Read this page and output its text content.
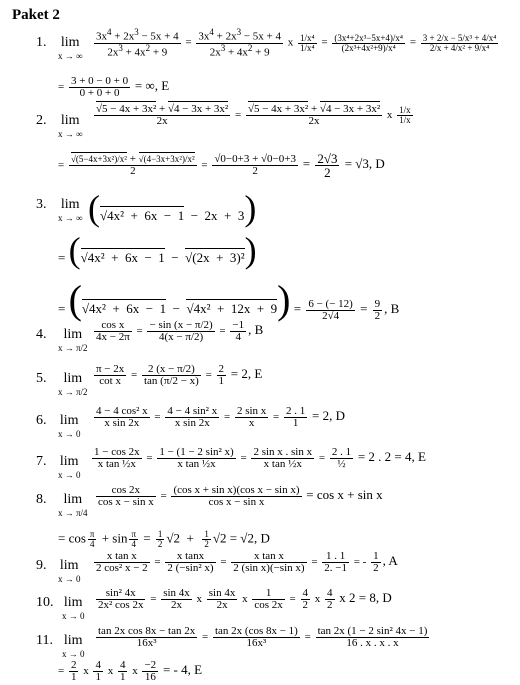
Paket 2
1. lim
x → ∞ $\frac{3x^4 + 2x^3 - 5x + 4}{2x^3 + 4x^2 + 9} = \frac{3x^4 + 2x^3 - 5x + 4}{2x^3 + 4x^2 + 9}$ x $\frac{\text{1/x⁴}}{\text{1/x⁴}} = \frac{\text{(3x⁴+2x³−5x+4)/x⁴}}{\text{(2x³+4x²+9)/x⁴}} = \frac{\text{3 + 2/x − 5/x³ + 4/x⁴}}{\text{2/x + 4/x² + 9/x⁴}}$
= $\frac{3 + 0 - 0 + 0}{0 + 0 + 0}$ = ∞, E
2. lim
x → ∞
$\frac{\text{√5 − 4x + 3x² + √4 − 3x + 3x²}}{2x} = \frac{\text{√5 − 4x + 3x² + √4 − 3x + 3x²}}{2x}$ x $\frac{1/x}{1/x}$
= $\frac{\text{√(5−4x+3x²)/x² + √(4−3x+3x²)/x²}}{2} = \frac{√0-0+3 + √0-0+3}{2} = \frac{2√3}{2} = √3$, D
3. lim
x → ∞ (√4x²  +  6x  −  1  −  2x  +  3)
= (√4x²  +  6x  −  1  −  √(2x  +  3)²)
= $(√4x^2 + 6x - 1 - √4x^2 + 12x + 9) = \frac{6 - (- 12)}{2√4} = \frac{9}{2}$ , B
4.	lim
x → π/2
$\frac{\text{cos x}}{4x - 2\pi} = \frac{- \sin (x - \pi/2)}{4(x - \pi/2)} = \frac{-1}{4}$ , B
5.	lim
x → π/2
$\frac{\pi - 2x}{\text{cot x}} = \frac{2 (x - \pi/2)}{\tan (\pi/2 - x)} = \frac{2}{1} = 2$, E
6. lim
x → 0
$\frac{\text{4 − 4 cos² x}}{\text{x sin 2x}} = \frac{\text{4 − 4 sin² x}}{\text{x sin 2x}} = \frac{\text{2 sin x}}{x} = \frac{2 . 1}{1} = 2$, D
7. lim
x → 0
$\frac{1 - \cos 2x}{\text{x tan ½x}} = \frac{\text{1 − (1 − 2 sin² x)}}{\text{x tan ½x}} = \frac{\text{2 sin x . sin x}}{\text{x tan ½x}} = \frac{2 . 1}{\text{½}} = 2$ . 2 = 4, E
8.	lim
x → π/4
$\frac{\cos 2x}{\text{cos x − sin x}} = \frac{\text{(cos x + sin x)(cos x − sin x)}}{\text{cos x − sin x}} = \cos x + \sin x$
= $\cos \frac{\pi}{4} + \sin \frac{\pi}{4} = \frac{1}{2} √2 + \frac{1}{2} √2 = √2$, D
9. lim
x → 0
$\frac{\text{x tan x}}{\text{2 cos² x − 2}} = \frac{\text{x tanx}}{\text{2 (−sin² x)}} = \frac{\text{x tan x}}{\text{2 (sin x)(−sin x)}} = \frac{1 . 1}{2. -1}$ = - $\frac{1}{2}$ , A
10. lim
x → 0
$\frac{\text{sin² 4x}}{\text{2x² cos 2x}} = \frac{\sin 4x}{2x}$ x $\frac{\sin 4x}{2x}$ x $\frac{1}{\cos 2x} = \frac{4}{2}$ x $\frac{4}{2}$ x 2 = 8, D
11. lim
x → 0
$\frac{\text{tan 2x cos 8x − tan 2x}}{\text{16x³}} = \frac{\tan 2x (\cos 8x - 1)}{\text{16x³}} = \frac{\text{tan 2x (1 − 2 sin² 4x − 1)}}{16 . x . x . x}$
= $\frac{2}{1}$ x $\frac{4}{1}$ x $\frac{4}{1}$ x $\frac{-2}{16}$ = - 4, E
